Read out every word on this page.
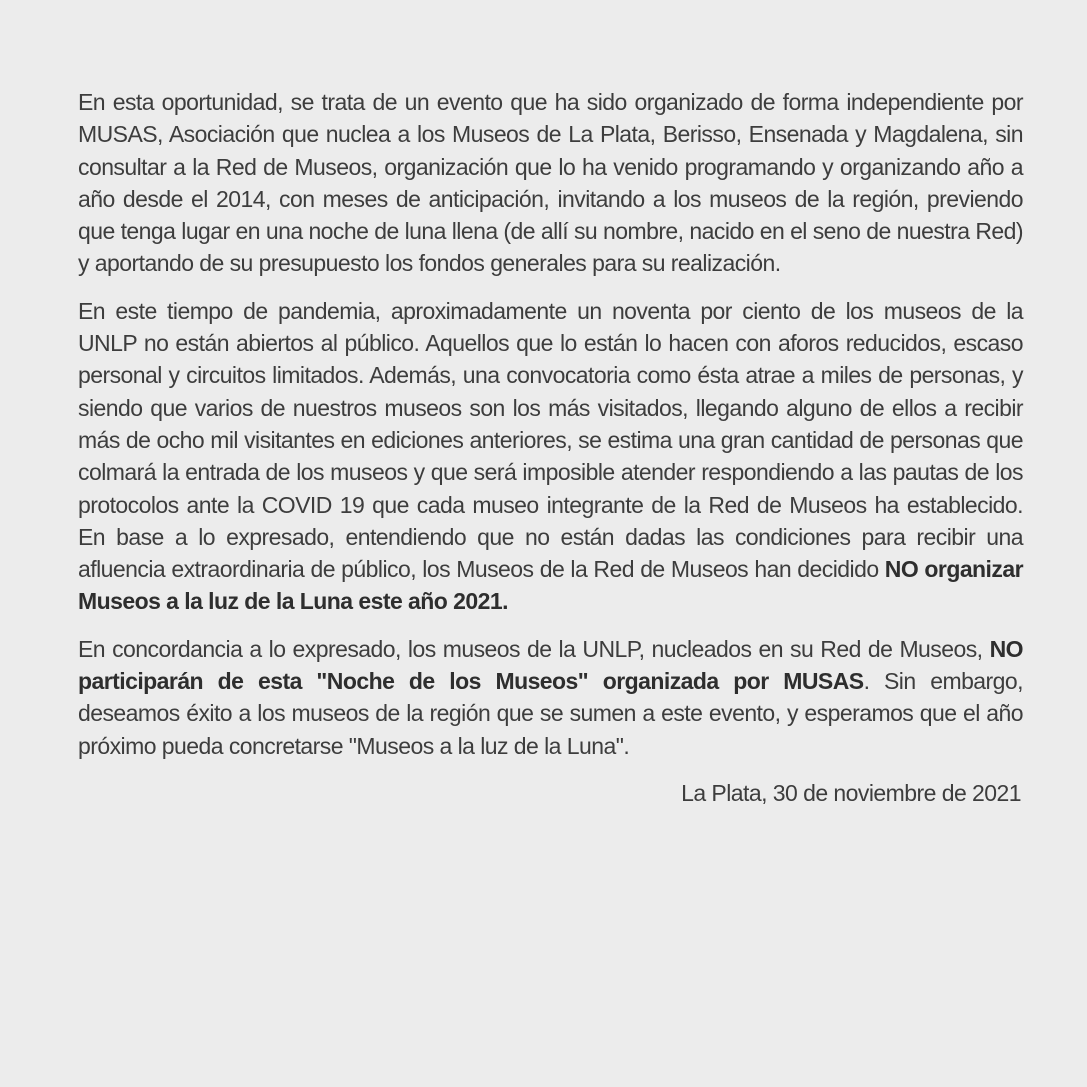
En esta oportunidad, se trata de un evento que ha sido organizado de forma independiente por MUSAS, Asociación que nuclea a los Museos de La Plata, Berisso, Ensenada y Magdalena, sin consultar a la Red de Museos, organización que lo ha venido programando y organizando año a año desde el 2014, con meses de anticipación, invitando a los museos de la región, previendo que tenga lugar en una noche de luna llena (de allí su nombre, nacido en el seno de nuestra Red) y aportando de su presupuesto los fondos generales para su realización.

En este tiempo de pandemia, aproximadamente un noventa por ciento de los museos de la UNLP no están abiertos al público. Aquellos que lo están lo hacen con aforos reducidos, escaso personal y circuitos limitados. Además, una convocatoria como ésta atrae a miles de personas, y siendo que varios de nuestros museos son los más visitados, llegando alguno de ellos a recibir más de ocho mil visitantes en ediciones anteriores, se estima una gran cantidad de personas que colmará la entrada de los museos y que será imposible atender respondiendo a las pautas de los protocolos ante la COVID 19 que cada museo integrante de la Red de Museos ha establecido. En base a lo expresado, entendiendo que no están dadas las condiciones para recibir una afluencia extraordinaria de público, los Museos de la Red de Museos han decidido NO organizar Museos a la luz de la Luna este año 2021.

En concordancia a lo expresado, los museos de la UNLP, nucleados en su Red de Museos, NO participarán de esta "Noche de los Museos" organizada por MUSAS. Sin embargo, deseamos éxito a los museos de la región que se sumen a este evento, y esperamos que el año próximo pueda concretarse "Museos a la luz de la Luna".

La Plata, 30 de noviembre de 2021
